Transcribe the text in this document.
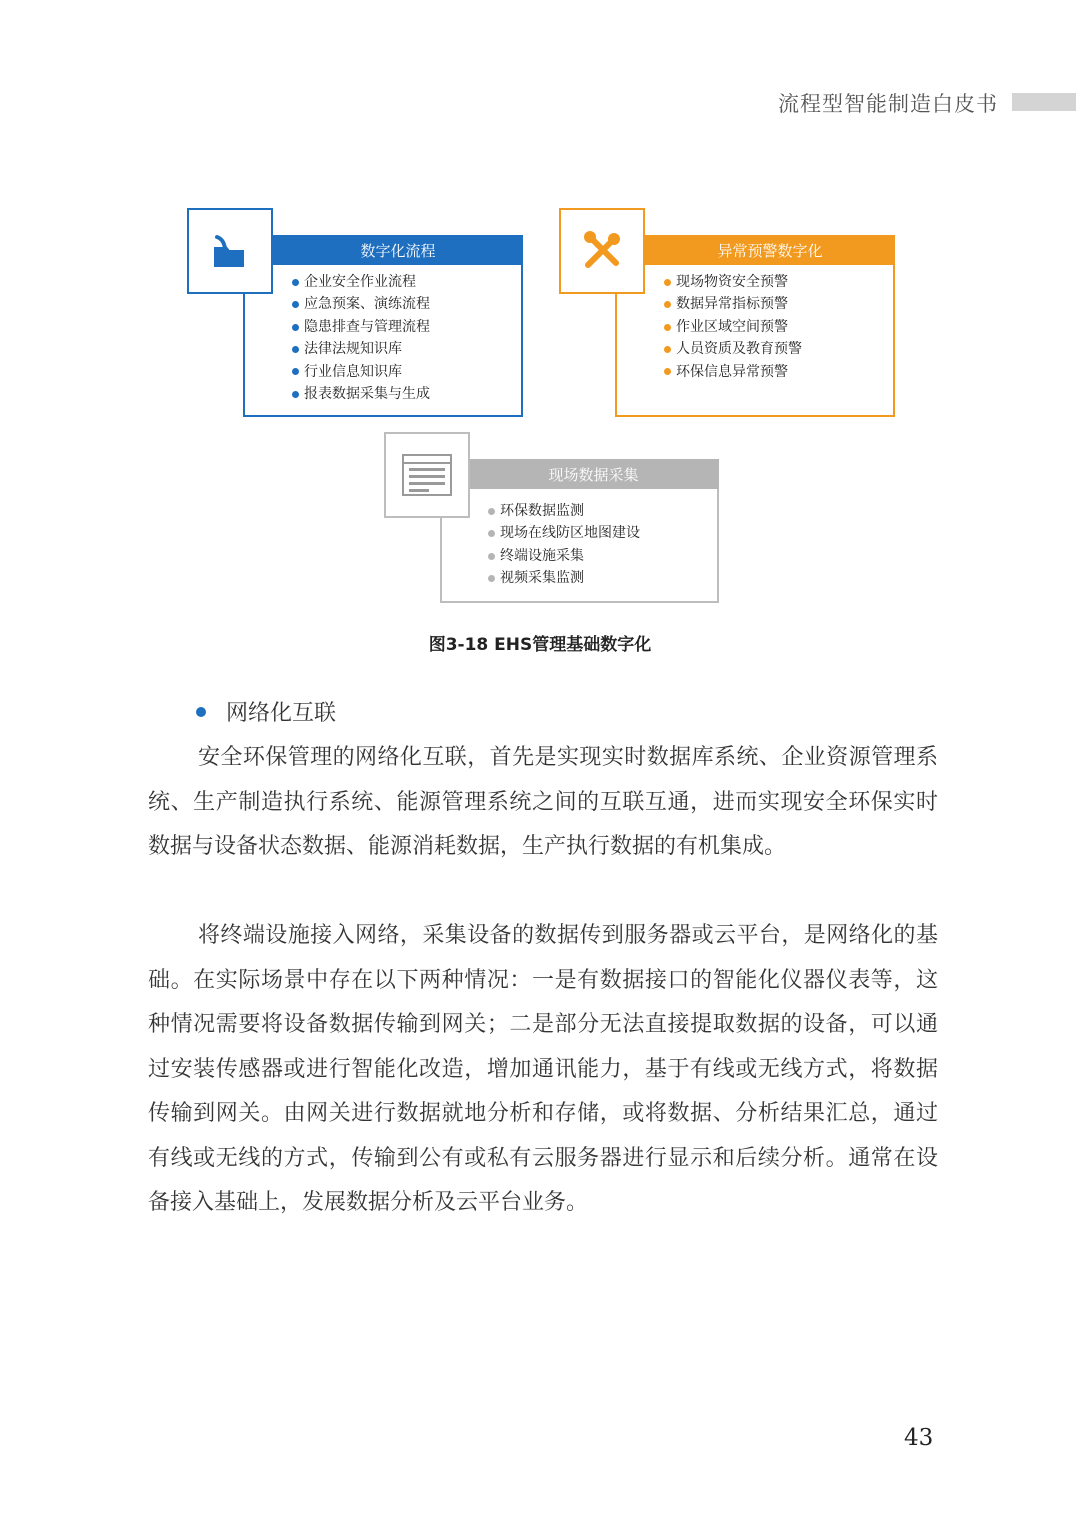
流程型智能制造白皮书
数字化流程
企业安全作业流程
应急预案、演练流程
隐患排查与管理流程
法律法规知识库
行业信息知识库
报表数据采集与生成
异常预警数字化
现场物资安全预警
数据异常指标预警
作业区域空间预警
人员资质及教育预警
环保信息异常预警
现场数据采集
环保数据监测
现场在线防区地图建设
终端设施采集
视频采集监测
图3-18 EHS管理基础数字化
网络化互联

安全环保管理的网络化互联，首先是实现实时数据库系统、企业资源管理系统、生产制造执行系统、能源管理系统之间的互联互通，进而实现安全环保实时数据与设备状态数据、能源消耗数据，生产执行数据的有机集成。

将终端设施接入网络，采集设备的数据传到服务器或云平台，是网络化的基础。在实际场景中存在以下两种情况：一是有数据接口的智能化仪器仪表等，这种情况需要将设备数据传输到网关；二是部分无法直接提取数据的设备，可以通过安装传感器或进行智能化改造，增加通讯能力，基于有线或无线方式，将数据传输到网关。由网关进行数据就地分析和存储，或将数据、分析结果汇总，通过有线或无线的方式，传输到公有或私有云服务器进行显示和后续分析。通常在设备接入基础上，发展数据分析及云平台业务。

43
